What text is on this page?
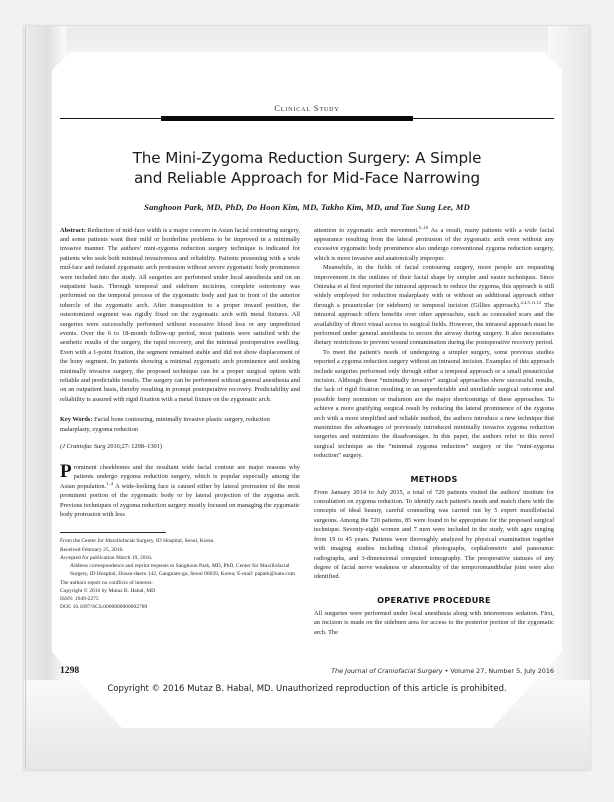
Clinical Study
The Mini-Zygoma Reduction Surgery: A Simple
and Reliable Approach for Mid-Face Narrowing
Sanghoon Park, MD, PhD, Do Hoon Kim, MD, Takho Kim, MD, and Tae Sung Lee, MD

Abstract: Reduction of mid-face width is a major concern in Asian facial contouring surgery, and some patients want their mild or borderline problems to be improved in a minimally invasive manner. The authors' mini-zygoma reduction surgery technique is indicated for patients who seek both minimal invasiveness and reliability. Patients presenting with a wide mid-face and isolated zygomatic arch protrusion without severe zygomatic body prominence were included into the study. All surgeries are performed under local anesthesia and on an outpatient basis. Through temporal and sideburn incisions, complete osteotomy was performed on the temporal process of the zygomatic body and just in front of the anterior tubercle of the zygomatic arch. After transposition to a proper inward position, the osteotomized segment was rigidly fixed on the zygomatic arch with metal fixtures. All surgeries were successfully performed without excessive blood loss or any unpredicted events. Over the 6 to 18-month follow-up period, most patients were satisfied with the aesthetic results of the surgery, the rapid recovery, and the minimal postoperative swelling. Even with a 1-point fixation, the segment remained stable and did not show displacement of the bony segment. In patients showing a minimal zygomatic arch prominence and seeking minimally invasive surgery, the proposed technique can be a proper surgical option with reliable and predictable results. The surgery can be performed without general anesthesia and on an outpatient basis, thereby resulting in prompt postoperative recovery. Predictability and reliability is assured with rigid fixation with a metal fixture on the zygomatic arch.

Key Words: Facial bone contouring, minimally invasive plastic surgery, reduction malarplasty, zygoma reduction

(J Craniofac Surg 2016;27: 1298–1301)

P rominent cheekbones and the resultant wide facial contour are major reasons why patients undergo zygoma reduction surgery, which is popular especially among the Asian population.$^{1-4}$ A wide-looking face is caused either by lateral protrusion of the most prominent portion of the zygomatic body or by lateral projection of the zygoma arch. Previous techniques of zygoma reduction surgery mostly focused on managing the zygomatic body protrusion with less

From the Center for Maxillofacial Surgery, ID Hospital, Seoul, Korea.

Received February 25, 2016.

Accepted for publication March 19, 2016.

Address correspondence and reprint requests to Sanghoon Park, MD, PhD, Center for Maxillofacial Surgery, ID Hospital, Dosan-daero 142, Gangnam-gu, Seoul 06039, Korea; E-mail: papark@nate.com

The authors report no conflicts of interest.

Copyright © 2016 by Mutaz B. Habal, MD

ISSN: 1049-2275

DOI: 10.1097/SCS.0000000000002789

attention to zygomatic arch movement.$^{5-10}$ As a result, many patients with a wide facial appearance resulting from the lateral protrusion of the zygomatic arch even without any excessive zygomatic body prominence also undergo conventional zygoma reduction surgery, which is more invasive and anatomically improper.

Meanwhile, in the fields of facial contouring surgery, more people are requesting improvement in the outlines of their facial shape by simpler and easier techniques. Since Onizuka et al first reported the intraoral approach to reduce the zygoma, this approach is still widely employed for reduction malarplasty with or without an additional approach either through a preauricular (or sideburn) or temporal incision (Gillies approach).$^{2,4,5,11,12}$ The intraoral approach offers benefits over other approaches, such as concealed scars and the availability of direct visual access to surgical fields. However, the intraoral approach must be performed under general anesthesia to secure the airway during surgery. It also necessitates dietary restrictions to prevent wound contamination during the postoperative recovery period.

To meet the patient's needs of undergoing a simpler surgery, some previous studies reported a zygoma reduction surgery without an intraoral incision. Examples of this approach include surgeries performed only through either a temporal approach or a small preauricular incision. Although these “minimally invasive” surgical approaches show successful results, the lack of rigid fixation resulting in an unpredictable and unreliable surgical outcome and possible bony nonunion or malunion are the major shortcomings of these approaches. To achieve a more gratifying surgical result by reducing the lateral prominence of the zygoma arch with a more simplified and reliable method, the authors introduce a new technique that maximizes the advantages of previously introduced minimally invasive zygoma reduction surgeries and minimizes the disadvantages. In this paper, the authors refer to this novel surgical technique as the “minimal zygoma reduction” surgery or the “mini-zygoma reduction” surgery.

METHODS

From January 2014 to July 2015, a total of 720 patients visited the authors' institute for consultation on zygoma reduction. To identify each patient's needs and match them with the concepts of ideal beauty, careful counseling was carried out by 5 expert maxillofacial surgeons. Among the 720 patients, 85 were found to be appropriate for the proposed surgical technique. Seventy-eight women and 7 men were included in the study, with ages ranging from 19 to 45 years. Patients were thoroughly analyzed by physical examination together with imaging studies including clinical photographs, cephalometric and panoramic radiographs, and 3-dimensional computed tomography. The preoperative statuses of any degree of facial nerve weakness or abnormality of the temporomandibular joint were also identified.

OPERATIVE PROCEDURE

All surgeries were performed under local anesthesia along with intravenous sedation. First, an incision is made on the sideburn area for access to the posterior portion of the zygomatic arch. The

1298	The Journal of Craniofacial Surgery • Volume 27, Number 5, July 2016
Copyright © 2016 Mutaz B. Habal, MD. Unauthorized reproduction of this article is prohibited.
